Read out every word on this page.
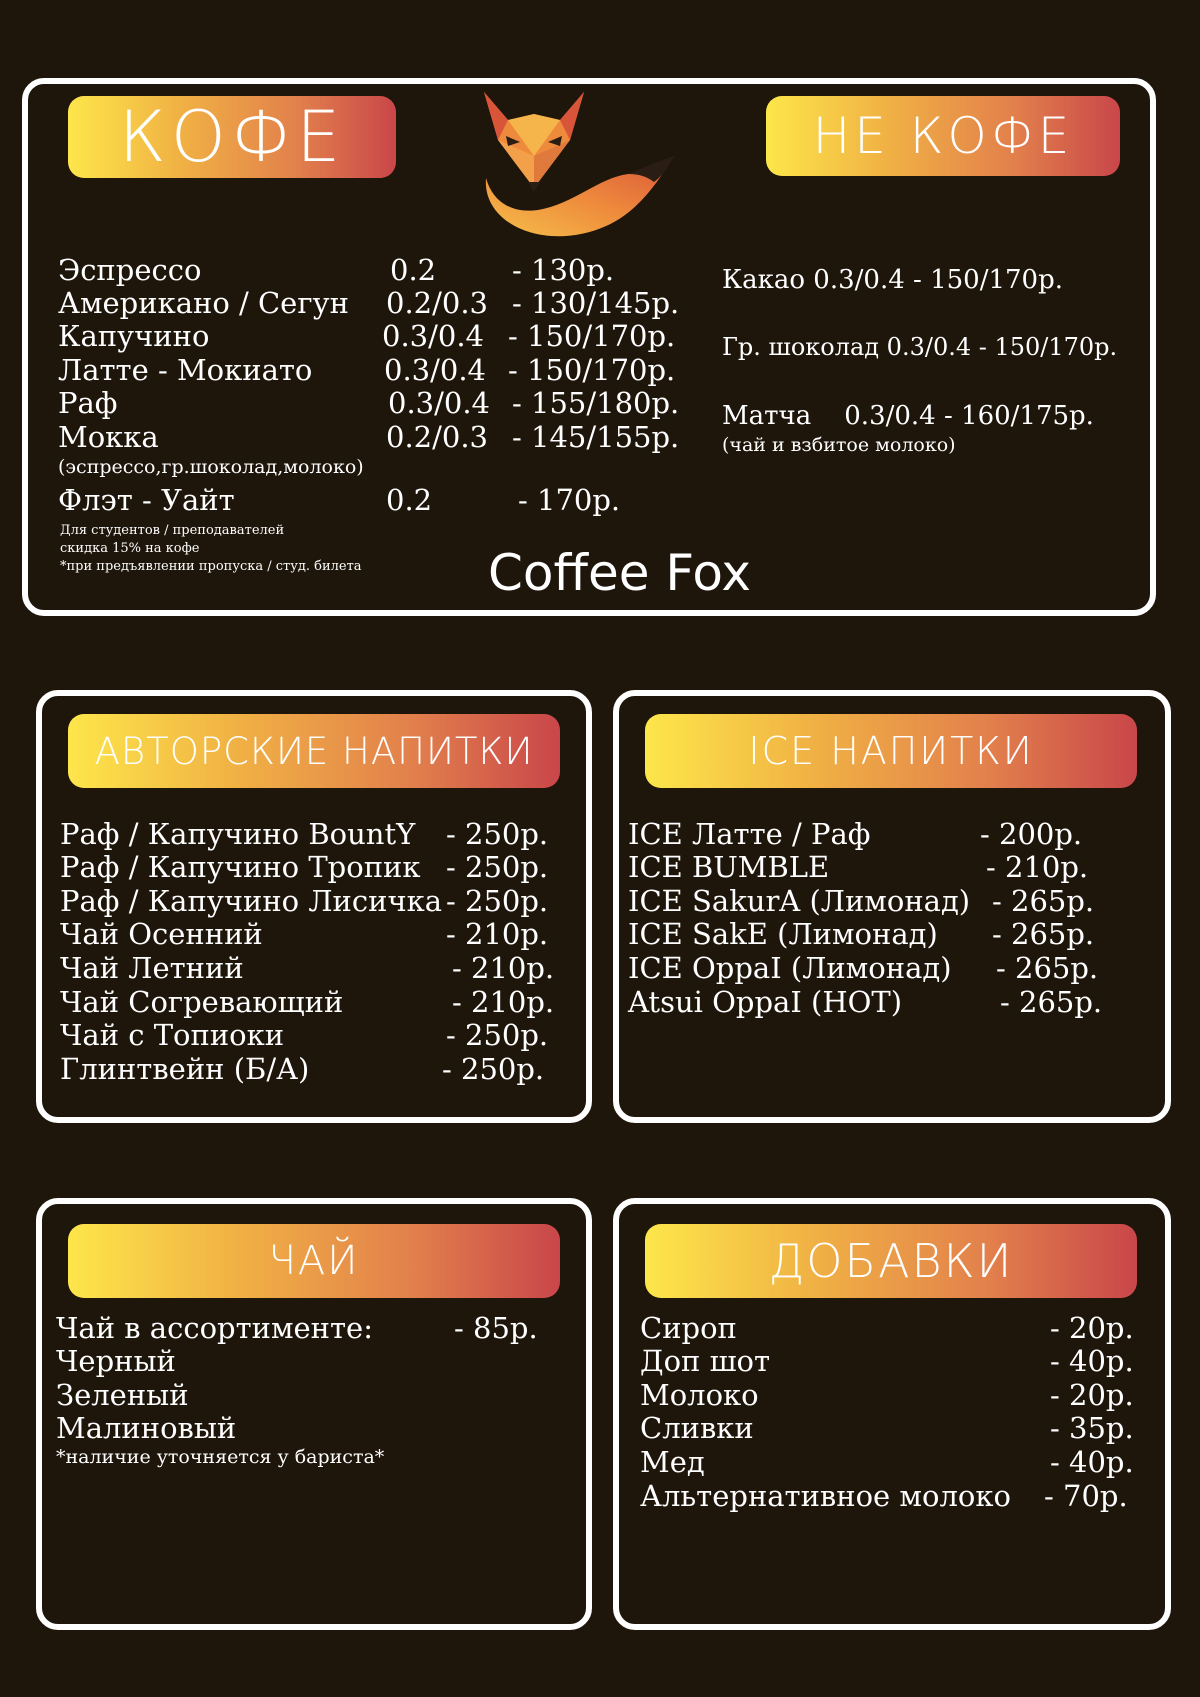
КОФЕ	НЕ КОФЕ
АВТОРСКИЕ НАПИТКИ	ICE НАПИТКИ
ЧАЙ	ДОБАВКИ
Эспрессо	0.2	- 130р.
Американо / Сегун 0.2/0.3 - 130/145р.
Капучино	0.3/0.4 - 150/170р.
Латте - Мокиато 0.3/0.4 - 150/170р.
Раф	0.3/0.4 - 155/180р.
Мокка	0.2/0.3 - 145/155р.
(эспрессо,гр.шоколад,молоко)
Флэт - Уайт	0.2	- 170р.
Для студентов / преподавателей
скидка 15% на кофе
*при предъявлении пропуска / студ. билета	Coffee Fox
Какао 0.3/0.4 - 150/170р.
Гр. шоколад 0.3/0.4 - 150/170р.
Матча    0.3/0.4 - 160/175р.
(чай и взбитое молоко)
Раф / Капучино BountY - 250р.
Раф / Капучино Тропик - 250р.
Раф / Капучино Лисичка - 250р.
Чай Осенний	- 210р.
Чай Летний	- 210р.
Чай Согревающий	- 210р.
Чай с Топиоки	- 250р.
Глинтвейн (Б/А)	- 250р.
ICE Латте / Раф	- 200р.
ICE BUMBLE	- 210р.
ICE SakurA (Лимонад) - 265р.
ICE SakE (Лимонад) - 265р.
ICE OppaI (Лимонад) - 265р.
Atsui OppaI (HOT)	- 265р.
Чай в ассортименте:	- 85р.
Черный
Зеленый
Малиновый
*наличие уточняется у бариста*
Сироп	- 20р.
Доп шот	- 40р.
Молоко	- 20р.
Сливки	- 35р.
Мед	- 40р.
Альтернативное молоко - 70р.
